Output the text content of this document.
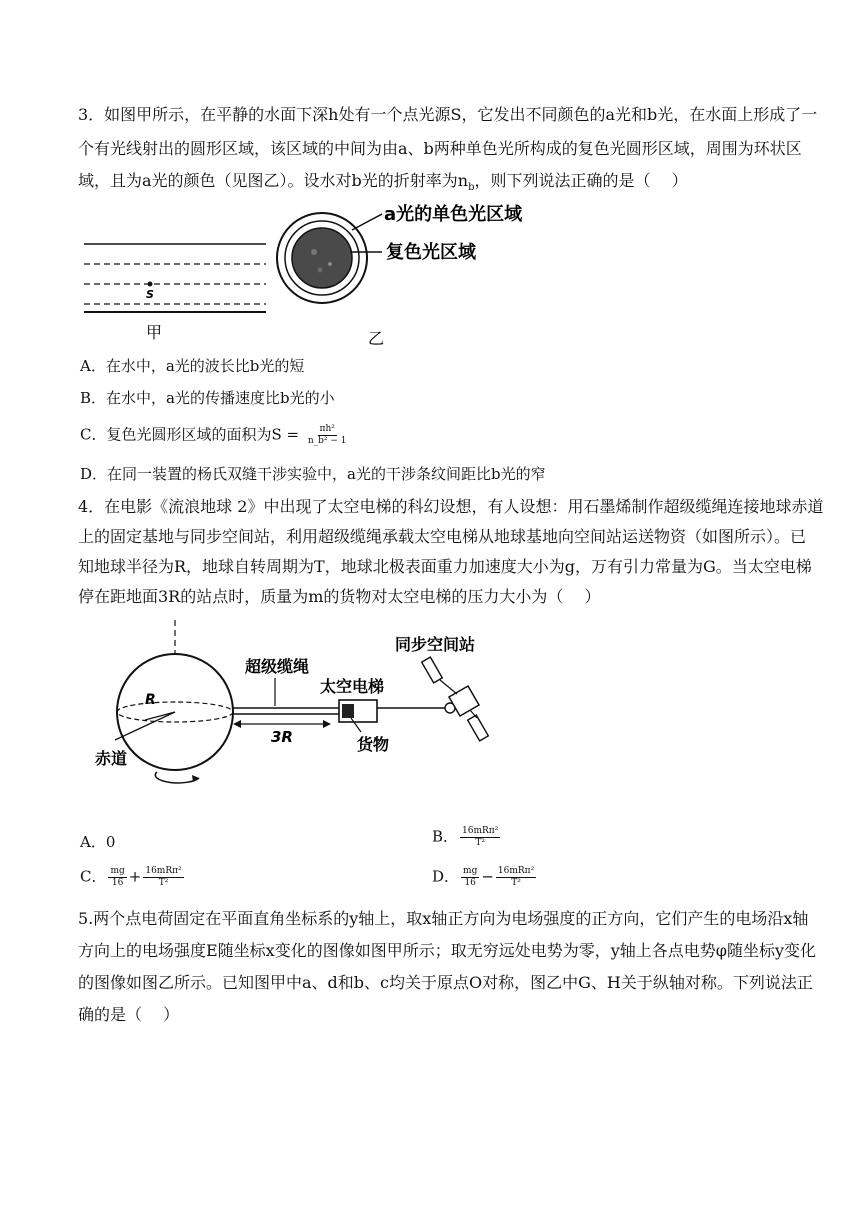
3．如图甲所示，在平静的水面下深h处有一个点光源S，它发出不同颜色的a光和b光，在水面上形成了一
个有光线射出的圆形区域，该区域的中间为由a、b两种单色光所构成的复色光圆形区域，周围为环状区
域，且为a光的颜色（见图乙）。设水对b光的折射率为$n_b$，则下列说法正确的是（　 ）
S
甲
a光的单色光区域
复色光区域
乙
A．在水中，a光的波长比b光的短
B．在水中，a光的传播速度比b光的小
C．复色光圆形区域的面积为$S = \frac{\text{πh²}}{\text{n\_b² − 1}}$
D．在同一装置的杨氏双缝干涉实验中，a光的干涉条纹间距比b光的窄
4．在电影《流浪地球 2》中出现了太空电梯的科幻设想，有人设想：用石墨烯制作超级缆绳连接地球赤道
上的固定基地与同步空间站，利用超级缆绳承载太空电梯从地球基地向空间站运送物资（如图所示）。已
知地球半径为R，地球自转周期为T，地球北极表面重力加速度大小为g，万有引力常量为G。当太空电梯
停在距地面3R的站点时，质量为m的货物对太空电梯的压力大小为（　 ）
R
赤道
超级缆绳
3R
太空电梯
货物
同步空间站
A．0	B． $\frac{\text{16mRπ²}}{\text{T²}}$
C． $\frac{mg}{16} + \frac{\text{16mRπ²}}{\text{T²}}$	D． $\frac{mg}{16} - \frac{\text{16mRπ²}}{\text{T²}}$
5.两个点电荷固定在平面直角坐标系的y轴上，取x轴正方向为电场强度的正方向，它们产生的电场沿x轴
方向上的电场强度E随坐标x变化的图像如图甲所示；取无穷远处电势为零，y轴上各点电势φ随坐标y变化
的图像如图乙所示。已知图甲中a、d和b、c均关于原点O对称，图乙中G、H关于纵轴对称。下列说法正
确的是（　 ）
